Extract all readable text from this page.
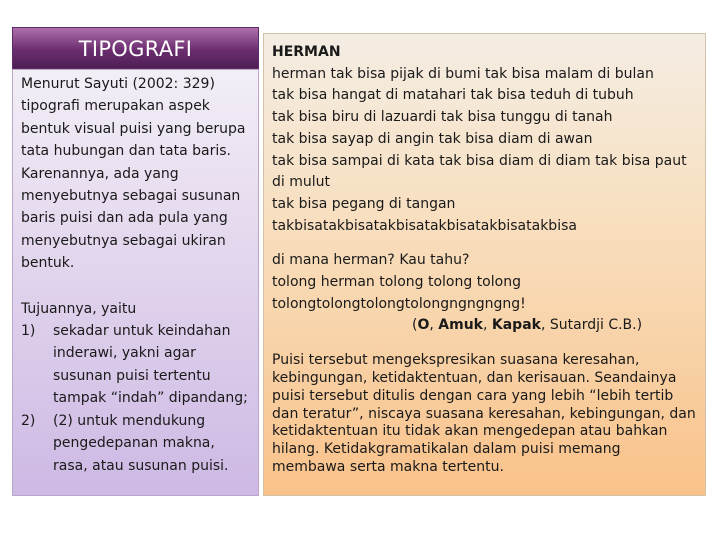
TIPOGRAFI

Menurut Sayuti (2002: 329) tipografi merupakan aspek bentuk visual puisi yang berupa tata hubungan dan tata baris. Karenannya, ada yang menyebutnya sebagai susunan baris puisi dan ada pula yang menyebutnya sebagai ukiran bentuk.

Tujuannya, yaitu

1) sekadar untuk keindahan inderawi, yakni agar susunan puisi tertentu tampak “indah” dipandang;
2) (2) untuk mendukung pengedepanan makna, rasa, atau susunan puisi.

HERMAN

herman tak bisa pijak di bumi tak bisa malam di bulan

tak bisa hangat di matahari tak bisa teduh di tubuh

tak bisa biru di lazuardi tak bisa tunggu di tanah

tak bisa sayap di angin tak bisa diam di awan

tak bisa sampai di kata tak bisa diam di diam tak bisa paut di mulut

tak bisa pegang di tangan

takbisatakbisatakbisatakbisatakbisatakbisa

di mana herman? Kau tahu?

tolong herman tolong tolong tolong

tolongtolongtolongtolongngngngng!

(O, Amuk, Kapak, Sutardji C.B.)

Puisi tersebut mengekspresikan suasana keresahan, kebingungan, ketidaktentuan, dan kerisauan. Seandainya puisi tersebut ditulis dengan cara yang lebih “lebih tertib dan teratur”, niscaya suasana keresahan, kebingungan, dan ketidaktentuan itu tidak akan mengedepan atau bahkan hilang. Ketidakgramatikalan dalam puisi memang membawa serta makna tertentu.
